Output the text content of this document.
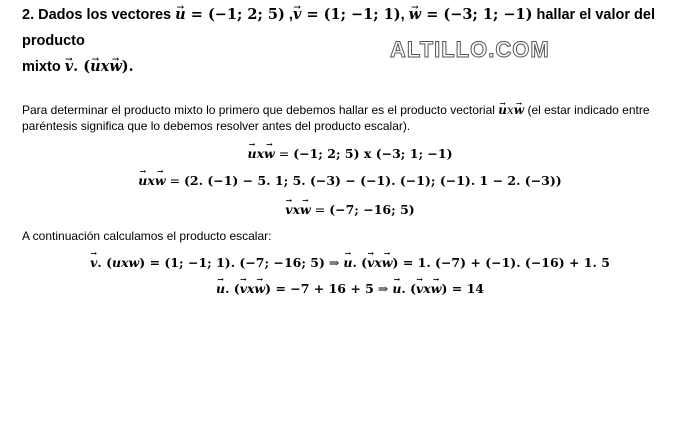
2. Dados los vectores → u = (−1; 2; 5) ,→ v = (1; −1; 1), → w = (−3; 1; −1) hallar el valor del producto
mixto → v. (→ ux→ w).
ALTILLO.COM
Para determinar el producto mixto lo primero que debemos hallar es el producto vectorial → ux→ w (el estar indicado entre paréntesis significa que lo debemos resolver antes del producto escalar).
→ ux→ w = (−1; 2; 5) x (−3; 1; −1)
→ ux→ w = (2. (−1) − 5. 1; 5. (−3) − (−1). (−1); (−1). 1 − 2. (−3))
→ vx→ w = (−7; −16; 5)
A continuación calculamos el producto escalar:
→ v. (uxw) = (1; −1; 1). (−7; −16; 5) ⇒ → u. (→ vx→ w) = 1. (−7) + (−1). (−16) + 1. 5
→ u. (→ vx→ w) = −7 + 16 + 5 ⇒ → u. (→ vx→ w) = 14
